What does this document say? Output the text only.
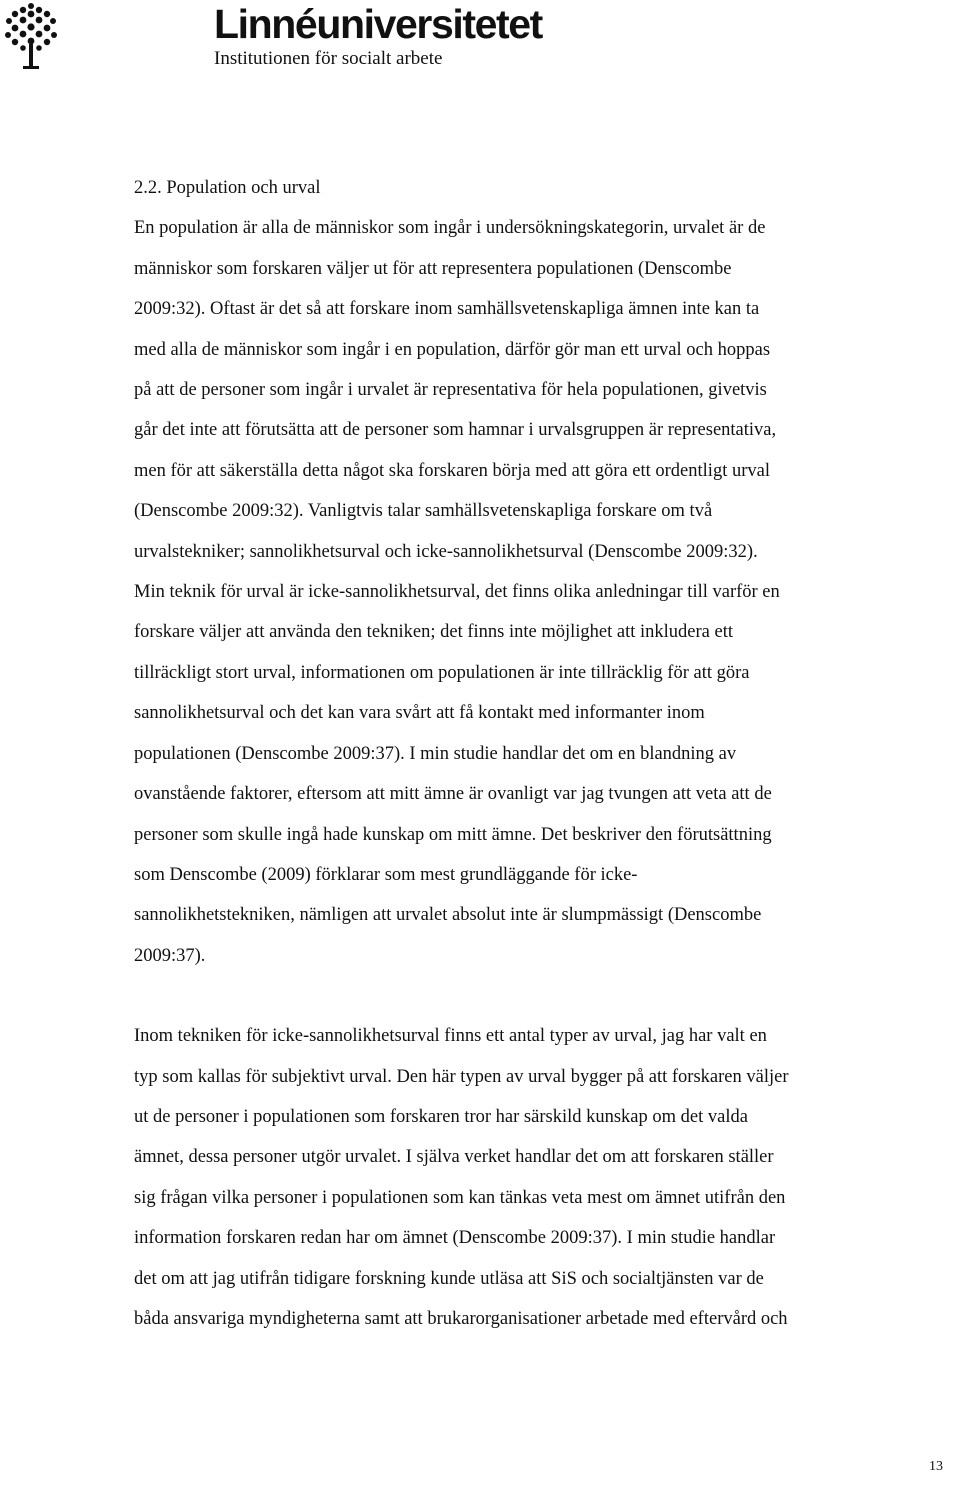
Linnéuniversitetet
Institutionen för socialt arbete
2.2. Population och urval

En population är alla de människor som ingår i undersökningskategorin, urvalet är de
människor som forskaren väljer ut för att representera populationen (Denscombe
2009:32). Oftast är det så att forskare inom samhällsvetenskapliga ämnen inte kan ta
med alla de människor som ingår i en population, därför gör man ett urval och hoppas
på att de personer som ingår i urvalet är representativa för hela populationen, givetvis
går det inte att förutsätta att de personer som hamnar i urvalsgruppen är representativa,
men för att säkerställa detta något ska forskaren börja med att göra ett ordentligt urval
(Denscombe 2009:32). Vanligtvis talar samhällsvetenskapliga forskare om två
urvalstekniker; sannolikhetsurval och icke-sannolikhetsurval (Denscombe 2009:32).
Min teknik för urval är icke-sannolikhetsurval, det finns olika anledningar till varför en
forskare väljer att använda den tekniken; det finns inte möjlighet att inkludera ett
tillräckligt stort urval, informationen om populationen är inte tillräcklig för att göra
sannolikhetsurval och det kan vara svårt att få kontakt med informanter inom
populationen (Denscombe 2009:37). I min studie handlar det om en blandning av
ovanstående faktorer, eftersom att mitt ämne är ovanligt var jag tvungen att veta att de
personer som skulle ingå hade kunskap om mitt ämne. Det beskriver den förutsättning
som Denscombe (2009) förklarar som mest grundläggande för icke-
sannolikhetstekniken, nämligen att urvalet absolut inte är slumpmässigt (Denscombe
2009:37).

Inom tekniken för icke-sannolikhetsurval finns ett antal typer av urval, jag har valt en
typ som kallas för subjektivt urval. Den här typen av urval bygger på att forskaren väljer
ut de personer i populationen som forskaren tror har särskild kunskap om det valda
ämnet, dessa personer utgör urvalet. I själva verket handlar det om att forskaren ställer
sig frågan vilka personer i populationen som kan tänkas veta mest om ämnet utifrån den
information forskaren redan har om ämnet (Denscombe 2009:37). I min studie handlar
det om att jag utifrån tidigare forskning kunde utläsa att SiS och socialtjänsten var de
båda ansvariga myndigheterna samt att brukarorganisationer arbetade med eftervård och

13
